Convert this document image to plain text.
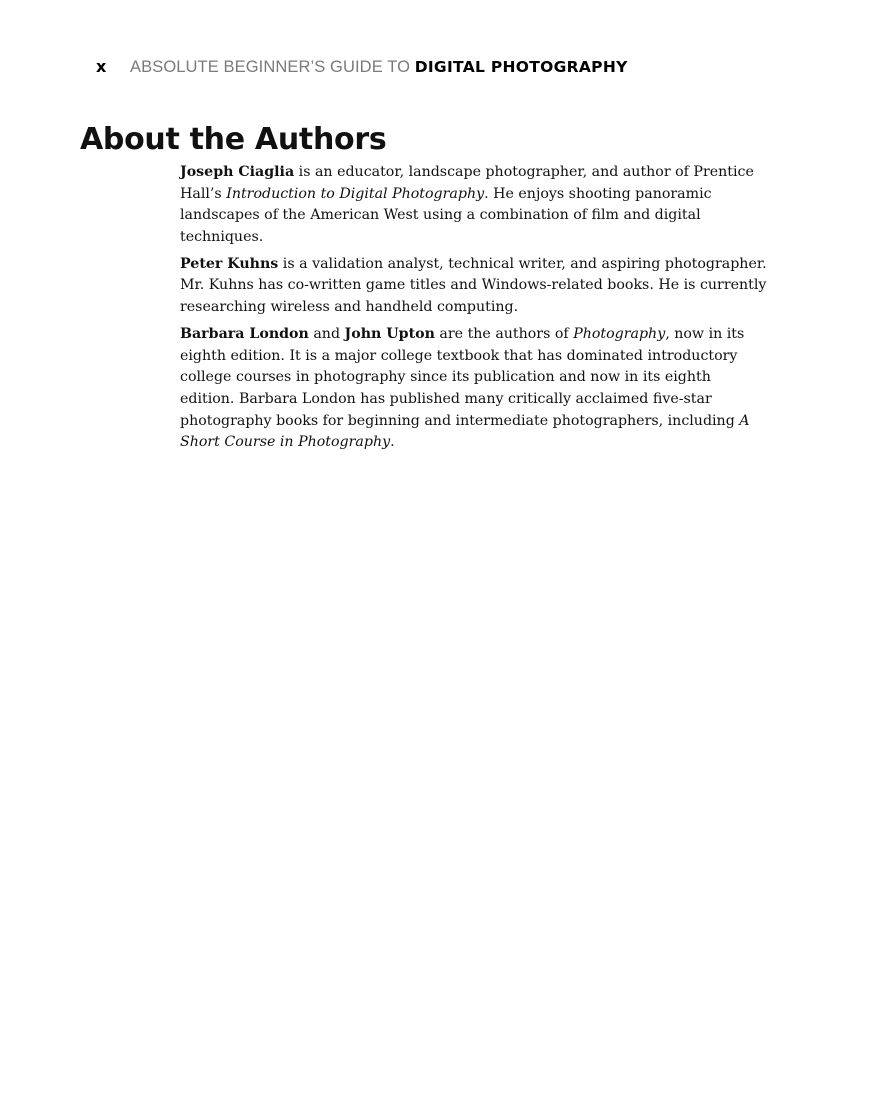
x ABSOLUTE BEGINNER’S GUIDE TO DIGITAL PHOTOGRAPHY
About the Authors

Joseph Ciaglia is an educator, landscape photographer, and author of Prentice Hall’s Introduction to Digital Photography. He enjoys shooting panoramic landscapes of the American West using a combination of film and digital techniques.

Peter Kuhns is a validation analyst, technical writer, and aspiring photographer. Mr. Kuhns has co-written game titles and Windows-related books. He is currently researching wireless and handheld computing.

Barbara London and John Upton are the authors of Photography, now in its eighth edition. It is a major college textbook that has dominated introductory college courses in photography since its publication and now in its eighth edition. Barbara London has published many critically acclaimed five-star photography books for beginning and intermediate photographers, including A Short Course in Photography.
